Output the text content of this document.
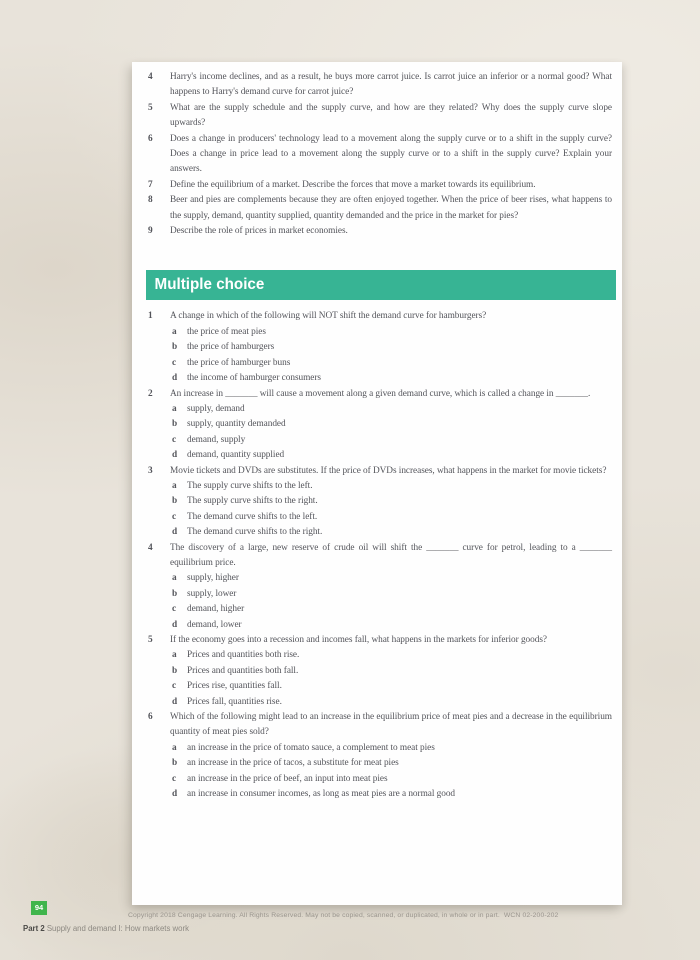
4	Harry's income declines, and as a result, he buys more carrot juice. Is carrot juice an inferior or a normal good? What happens to Harry's demand curve for carrot juice?
5	What are the supply schedule and the supply curve, and how are they related? Why does the supply curve slope upwards?
6	Does a change in producers' technology lead to a movement along the supply curve or to a shift in the supply curve? Does a change in price lead to a movement along the supply curve or to a shift in the supply curve? Explain your answers.
7	Define the equilibrium of a market. Describe the forces that move a market towards its equilibrium.
8	Beer and pies are complements because they are often enjoyed together. When the price of beer rises, what happens to the supply, demand, quantity supplied, quantity demanded and the price in the market for pies?
9	Describe the role of prices in market economies.
Multiple choice
1	A change in which of the following will NOT shift the demand curve for hamburgers?
a	the price of meat pies
b	the price of hamburgers
c	the price of hamburger buns
d	the income of hamburger consumers
2	An increase in _______ will cause a movement along a given demand curve, which is called a change in _______.
a	supply, demand
b	supply, quantity demanded
c	demand, supply
d	demand, quantity supplied
3	Movie tickets and DVDs are substitutes. If the price of DVDs increases, what happens in the market for movie tickets?
a	The supply curve shifts to the left.
b	The supply curve shifts to the right.
c	The demand curve shifts to the left.
d	The demand curve shifts to the right.
4	The discovery of a large, new reserve of crude oil will shift the _______ curve for petrol, leading to a _______ equilibrium price.
a	supply, higher
b	supply, lower
c	demand, higher
d	demand, lower
5	If the economy goes into a recession and incomes fall, what happens in the markets for inferior goods?
a	Prices and quantities both rise.
b	Prices and quantities both fall.
c	Prices rise, quantities fall.
d	Prices fall, quantities rise.
6	Which of the following might lead to an increase in the equilibrium price of meat pies and a decrease in the equilibrium quantity of meat pies sold?
a	an increase in the price of tomato sauce, a complement to meat pies
b	an increase in the price of tacos, a substitute for meat pies
c	an increase in the price of beef, an input into meat pies
d	an increase in consumer incomes, as long as meat pies are a normal good
94
Copyright 2018 Cengage Learning. All Rights Reserved. May not be copied, scanned, or duplicated, in whole or in part.  WCN 02-200-202
Part 2 Supply and demand I: How markets work
